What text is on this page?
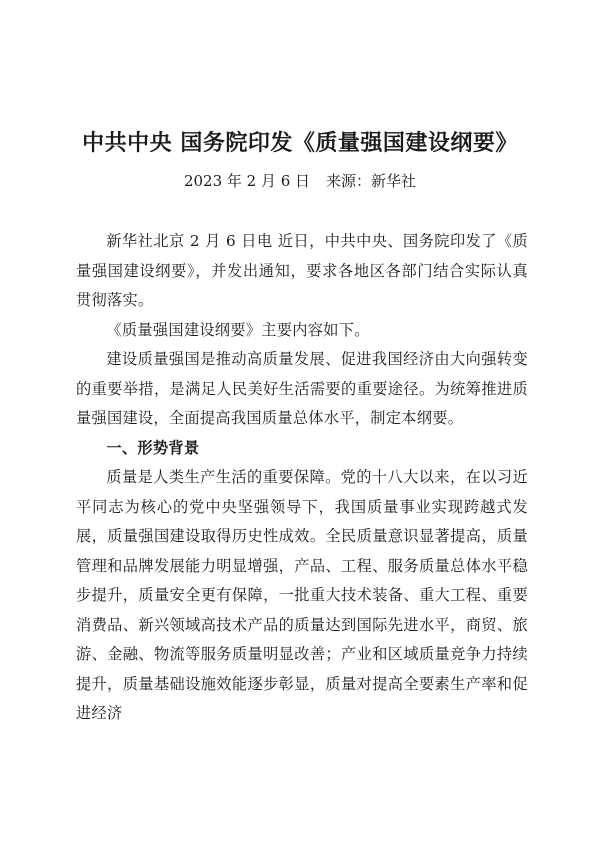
中共中央 国务院印发《质量强国建设纲要》
2023 年 2 月 6 日 来源：新华社

新华社北京 2 月 6 日电 近日，中共中央、国务院印发了《质量强国建设纲要》，并发出通知，要求各地区各部门结合实际认真贯彻落实。

《质量强国建设纲要》主要内容如下。

建设质量强国是推动高质量发展、促进我国经济由大向强转变的重要举措，是满足人民美好生活需要的重要途径。为统筹推进质量强国建设，全面提高我国质量总体水平，制定本纲要。

一、形势背景

质量是人类生产生活的重要保障。党的十八大以来，在以习近平同志为核心的党中央坚强领导下，我国质量事业实现跨越式发展，质量强国建设取得历史性成效。全民质量意识显著提高，质量管理和品牌发展能力明显增强，产品、工程、服务质量总体水平稳步提升，质量安全更有保障，一批重大技术装备、重大工程、重要消费品、新兴领域高技术产品的质量达到国际先进水平，商贸、旅游、金融、物流等服务质量明显改善；产业和区域质量竞争力持续提升，质量基础设施效能逐步彰显，质量对提高全要素生产率和促进经济
